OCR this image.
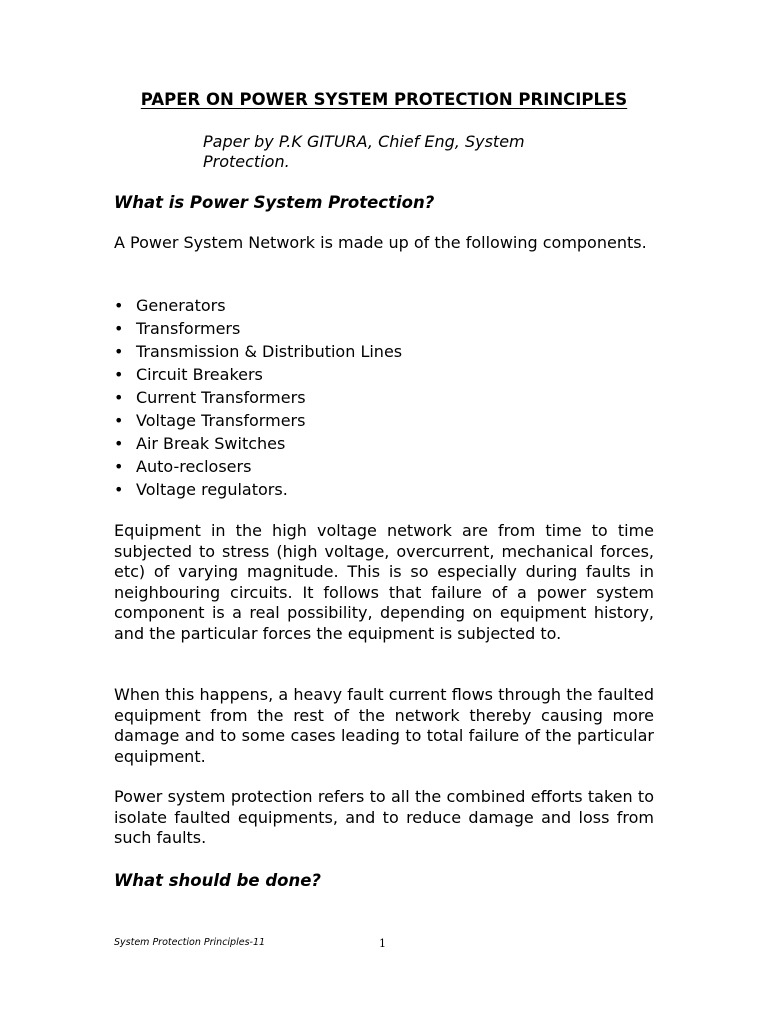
PAPER ON POWER SYSTEM PROTECTION PRINCIPLES
Paper by P.K GITURA, Chief Eng, System Protection.
What is Power System Protection?
A Power System Network is made up of the following components.
• Generators
• Transformers
• Transmission & Distribution Lines
• Circuit Breakers
• Current Transformers
• Voltage Transformers
• Air Break Switches
• Auto-reclosers
• Voltage regulators.
Equipment in the high voltage network are from time to time subjected to stress (high voltage, overcurrent, mechanical forces, etc) of varying magnitude. This is so especially during faults in neighbouring circuits. It follows that failure of a power system component is a real possibility, depending on equipment history, and the particular forces the equipment is subjected to.
When this happens, a heavy fault current flows through the faulted equipment from the rest of the network thereby causing more damage and to some cases leading to total failure of the particular equipment.
Power system protection refers to all the combined efforts taken to isolate faulted equipments, and to reduce damage and loss from such faults.
What should be done?
System Protection Principles-11	1
